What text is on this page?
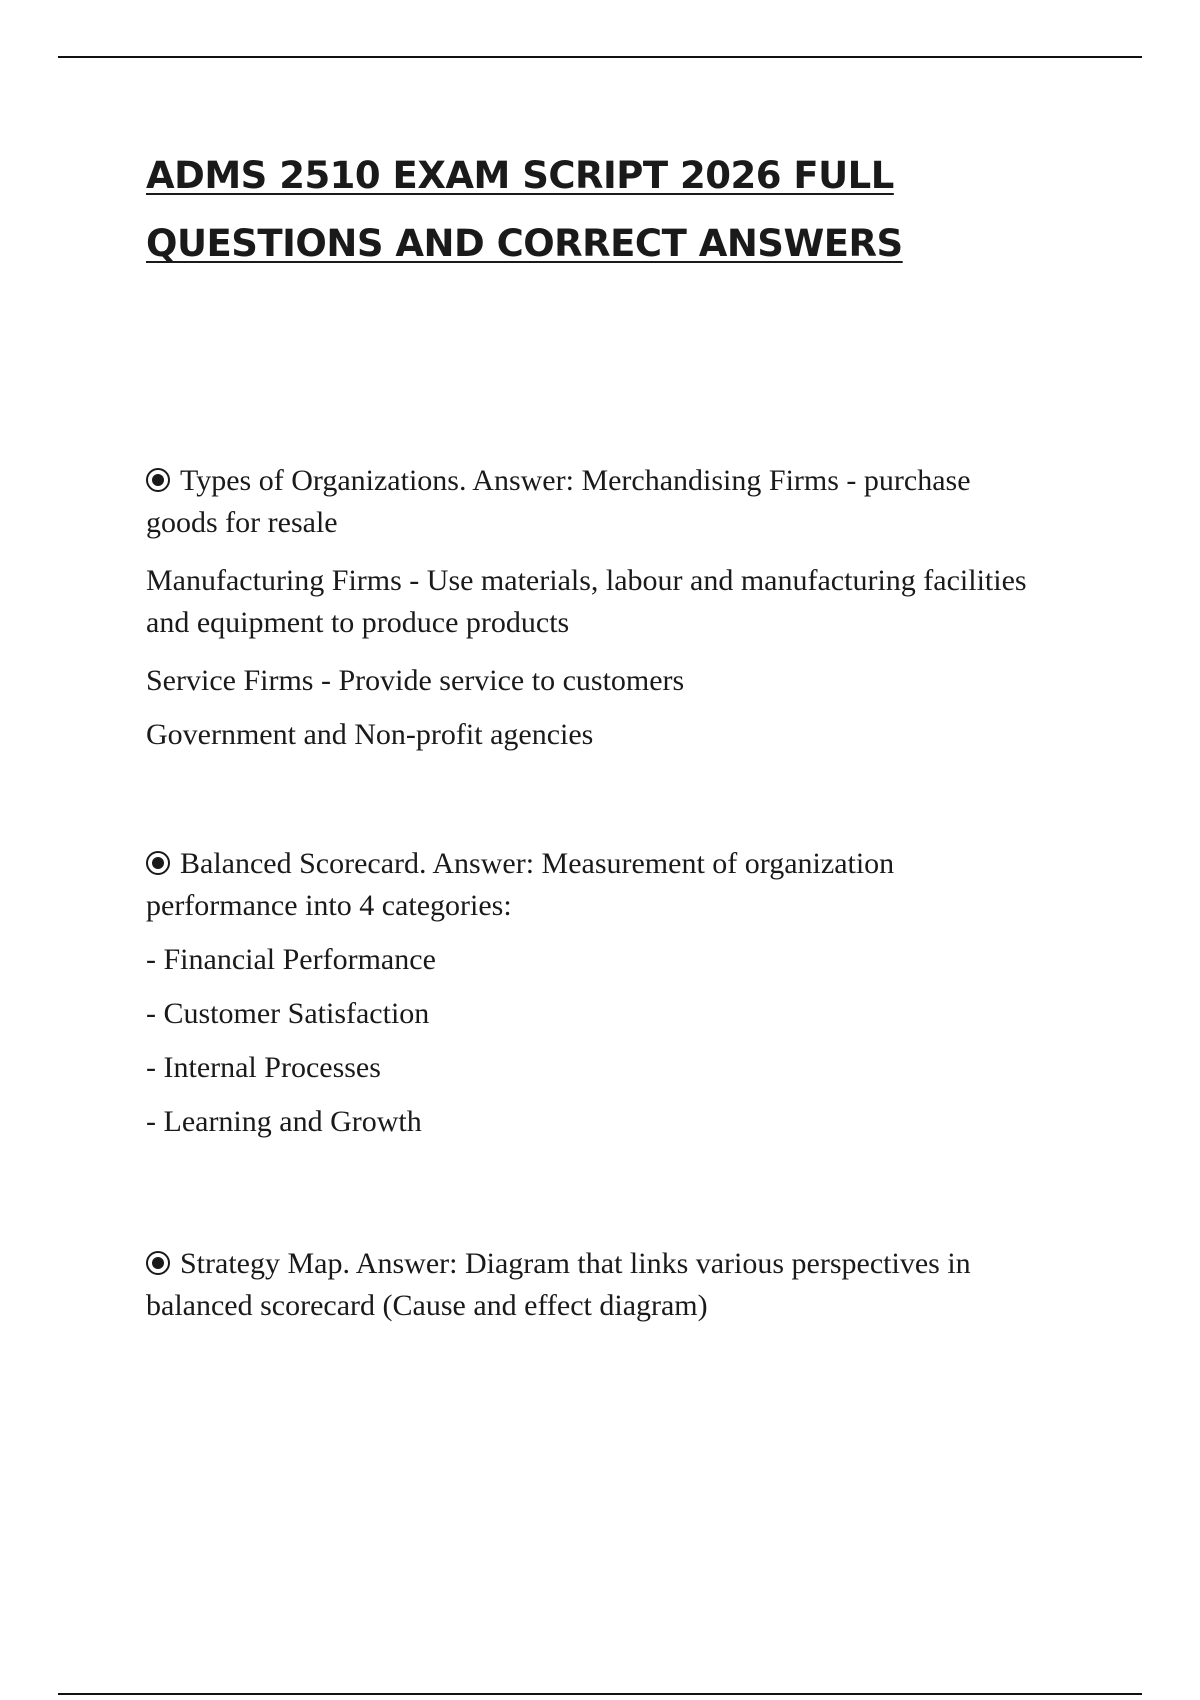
ADMS 2510 EXAM SCRIPT 2026 FULL QUESTIONS AND CORRECT ANSWERS

Types of Organizations. Answer: Merchandising Firms - purchase goods for resale

Manufacturing Firms - Use materials, labour and manufacturing facilities and equipment to produce products

Service Firms - Provide service to customers

Government and Non-profit agencies

Balanced Scorecard. Answer: Measurement of organization performance into 4 categories:

- Financial Performance

- Customer Satisfaction

- Internal Processes

- Learning and Growth

Strategy Map. Answer: Diagram that links various perspectives in balanced scorecard (Cause and effect diagram)
